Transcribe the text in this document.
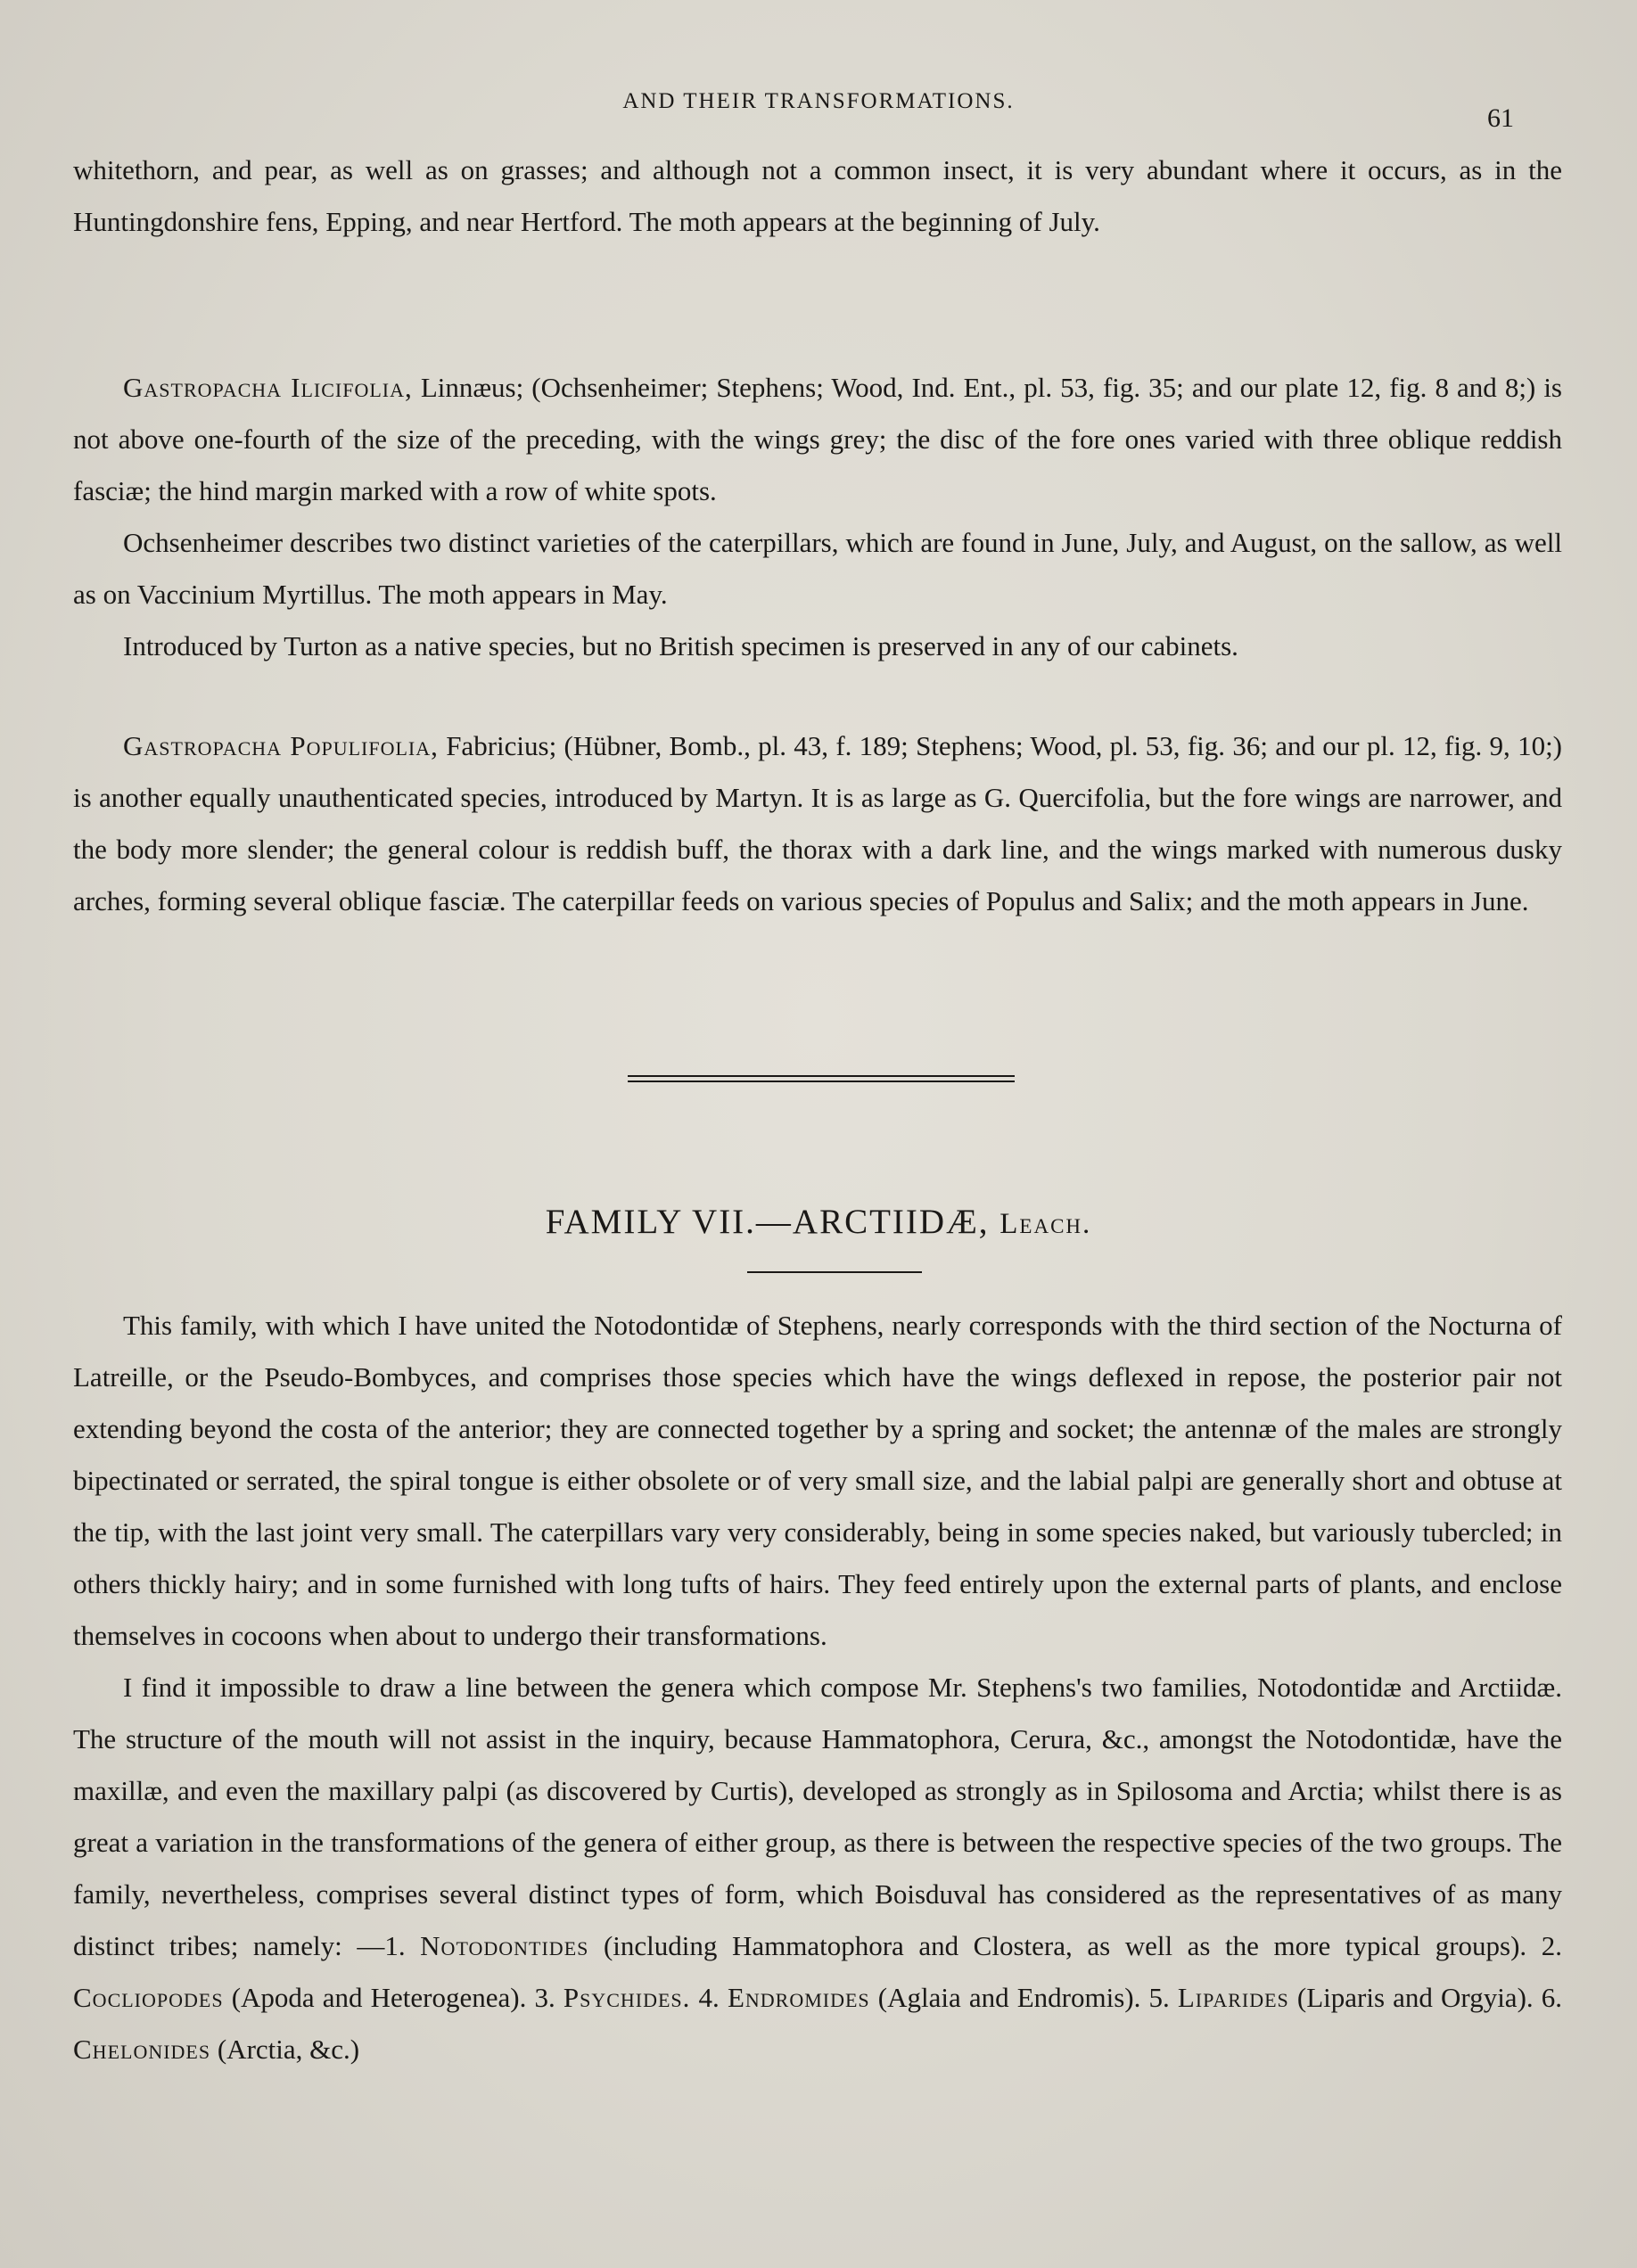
AND THEIR TRANSFORMATIONS.
61

whitethorn, and pear, as well as on grasses; and although not a common insect, it is very abundant where it occurs, as in the Huntingdonshire fens, Epping, and near Hertford. The moth appears at the beginning of July.

Gastropacha Ilicifolia, Linnæus; (Ochsenheimer; Stephens; Wood, Ind. Ent., pl. 53, fig. 35; and our plate 12, fig. 8 and 8;) is not above one-fourth of the size of the preceding, with the wings grey; the disc of the fore ones varied with three oblique reddish fasciæ; the hind margin marked with a row of white spots.

Ochsenheimer describes two distinct varieties of the caterpillars, which are found in June, July, and August, on the sallow, as well as on Vaccinium Myrtillus. The moth appears in May.

Introduced by Turton as a native species, but no British specimen is preserved in any of our cabinets.

Gastropacha Populifolia, Fabricius; (Hübner, Bomb., pl. 43, f. 189; Stephens; Wood, pl. 53, fig. 36; and our pl. 12, fig. 9, 10;) is another equally unauthenticated species, introduced by Martyn. It is as large as G. Quercifolia, but the fore wings are narrower, and the body more slender; the general colour is reddish buff, the thorax with a dark line, and the wings marked with numerous dusky arches, forming several oblique fasciæ. The caterpillar feeds on various species of Populus and Salix; and the moth appears in June.

FAMILY VII.—ARCTIIDÆ, Leach.

This family, with which I have united the Notodontidæ of Stephens, nearly corresponds with the third section of the Nocturna of Latreille, or the Pseudo-Bombyces, and comprises those species which have the wings deflexed in repose, the posterior pair not extending beyond the costa of the anterior; they are connected together by a spring and socket; the antennæ of the males are strongly bipectinated or serrated, the spiral tongue is either obsolete or of very small size, and the labial palpi are generally short and obtuse at the tip, with the last joint very small. The caterpillars vary very considerably, being in some species naked, but variously tubercled; in others thickly hairy; and in some furnished with long tufts of hairs. They feed entirely upon the external parts of plants, and enclose themselves in cocoons when about to undergo their transformations.

I find it impossible to draw a line between the genera which compose Mr. Stephens's two families, Notodontidæ and Arctiidæ. The structure of the mouth will not assist in the inquiry, because Hammatophora, Cerura, &c., amongst the Notodontidæ, have the maxillæ, and even the maxillary palpi (as discovered by Curtis), developed as strongly as in Spilosoma and Arctia; whilst there is as great a variation in the transformations of the genera of either group, as there is between the respective species of the two groups. The family, nevertheless, comprises several distinct types of form, which Boisduval has considered as the representatives of as many distinct tribes; namely: —1. Notodontides (including Hammatophora and Clostera, as well as the more typical groups). 2. Cocliopodes (Apoda and Heterogenea). 3. Psychides. 4. Endromides (Aglaia and Endromis). 5. Liparides (Liparis and Orgyia). 6. Chelonides (Arctia, &c.)
